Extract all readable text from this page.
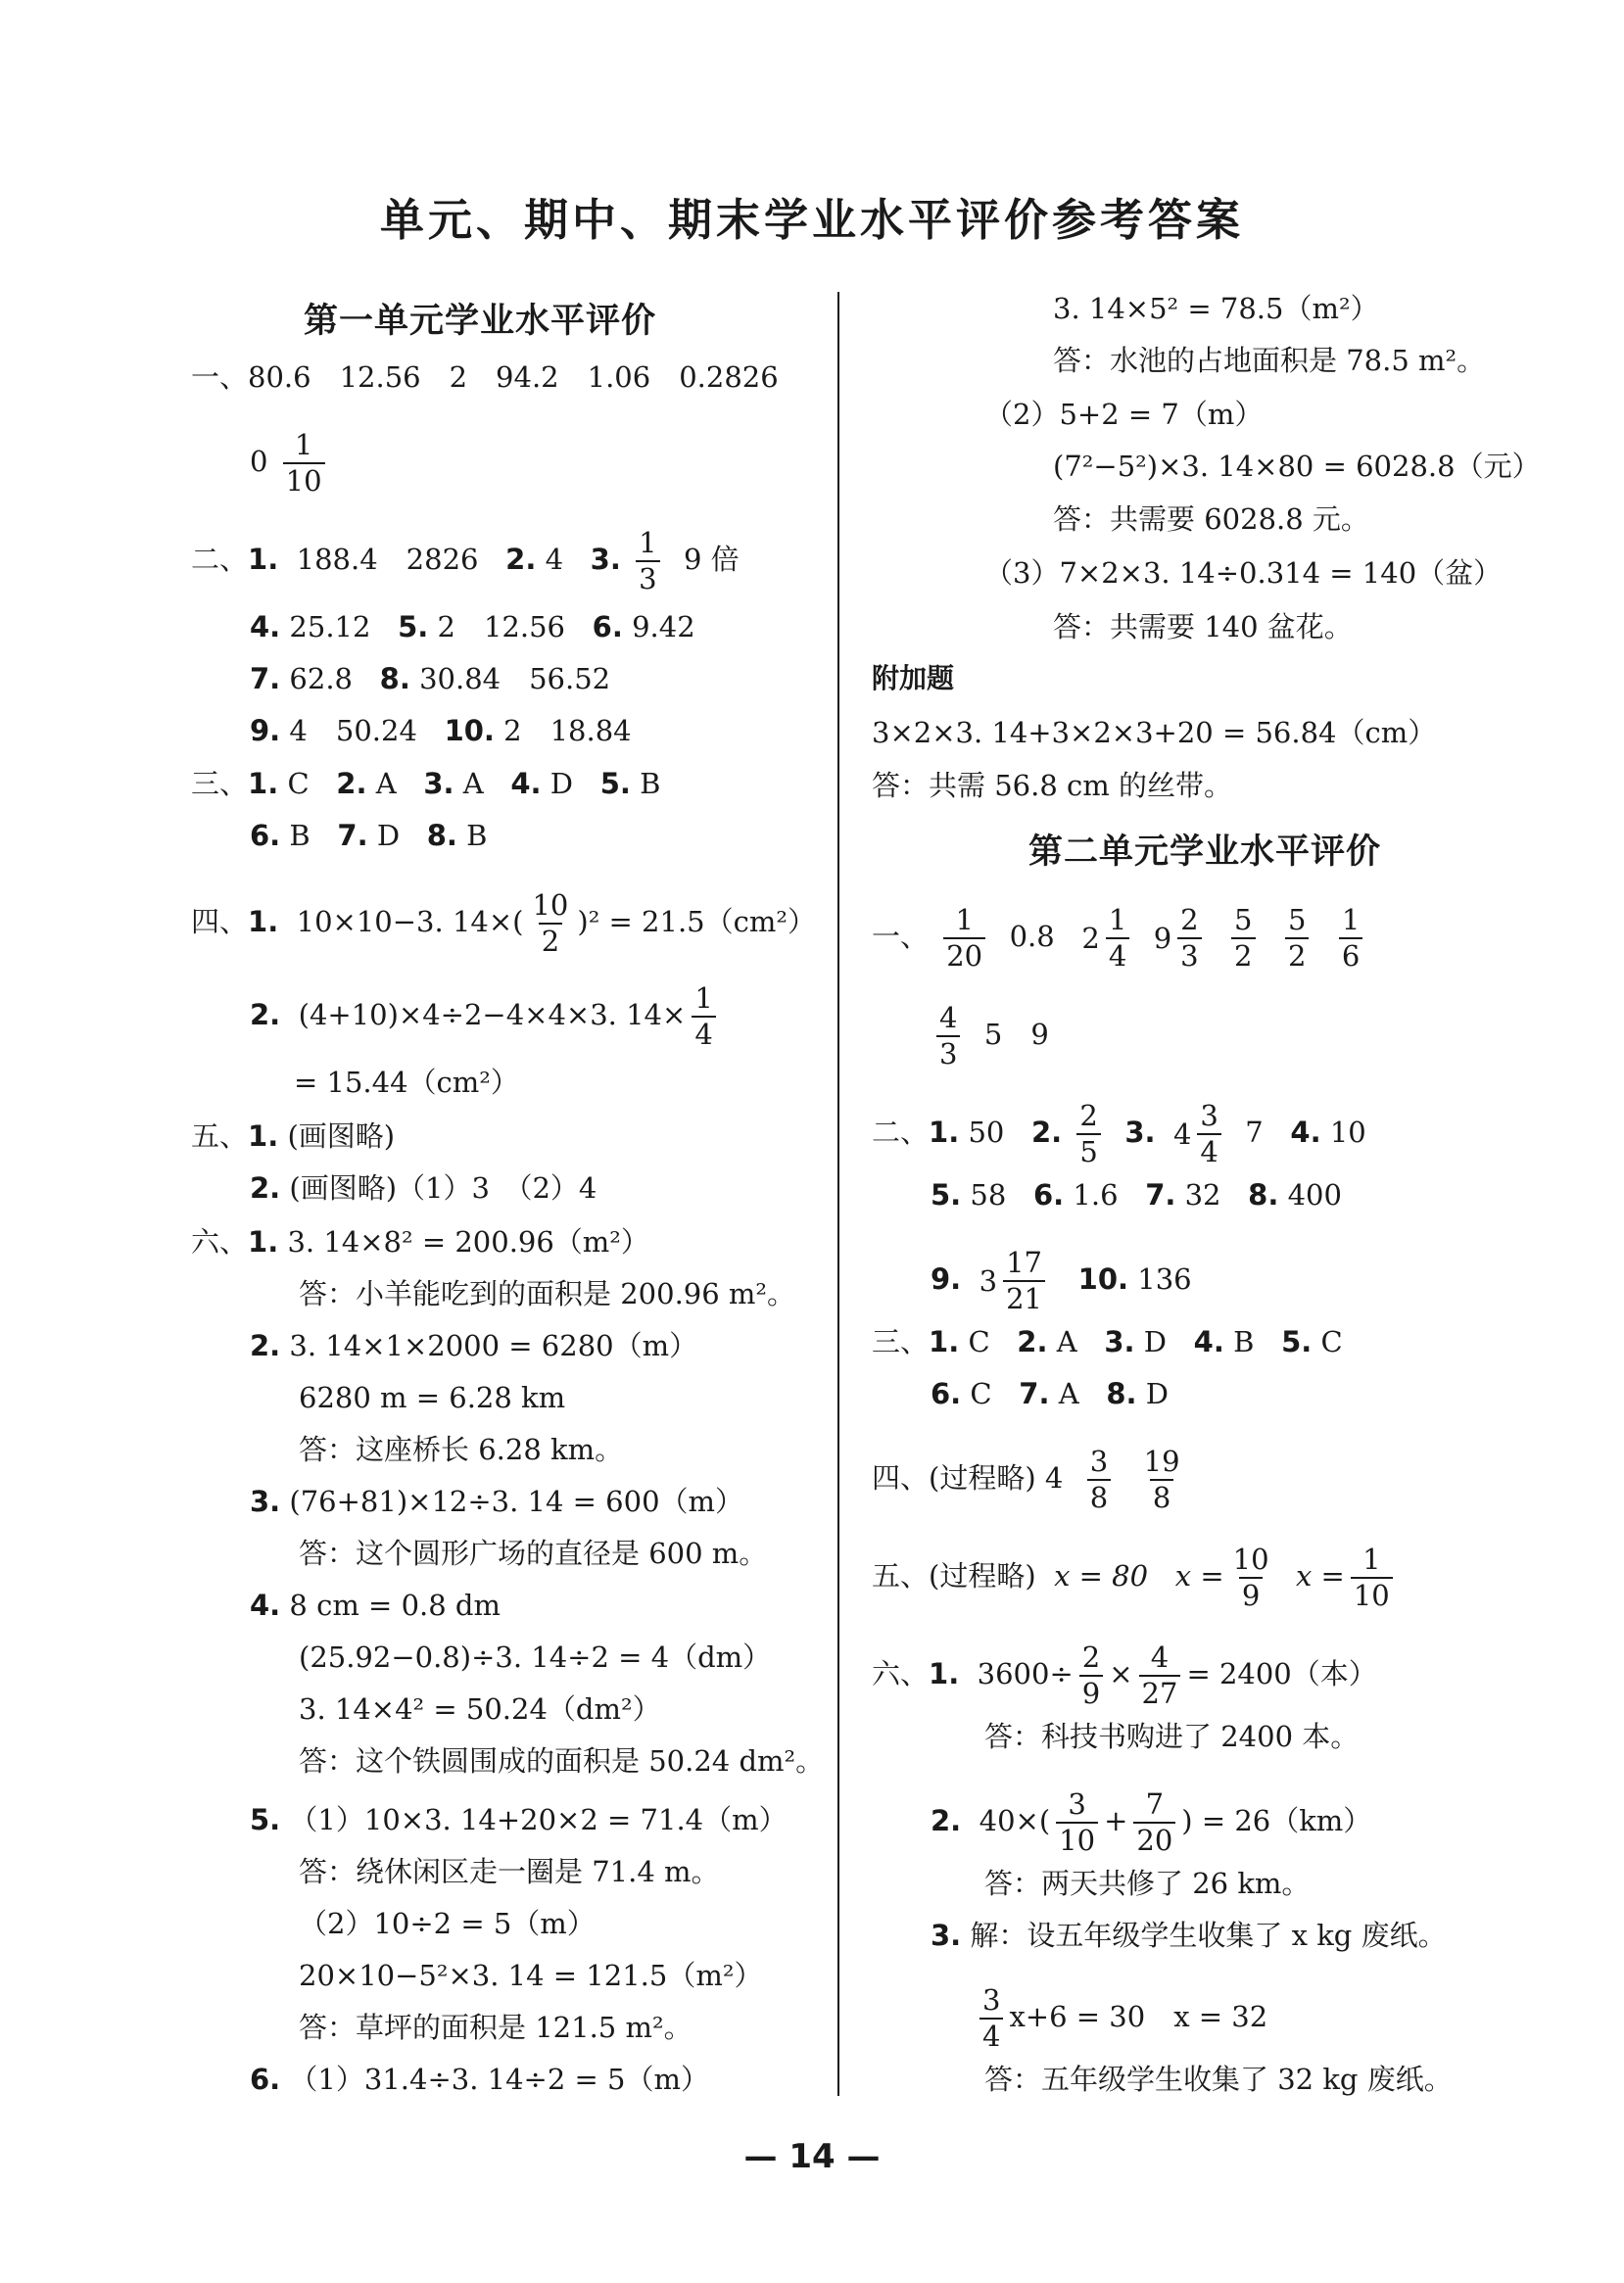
单元、期中、期末学业水平评价参考答案
第一单元学业水平评价
一、80.6　12.56　2　94.2　1.06　0.2826
$0 \frac{1}{10}$
二、1. 188.4　2826 2. 4 3. $\frac{1}{3} 9$ 倍
4. 25.12 5. 2　12.56 6. 9.42
7. 62.8 8. 30.84　56.52
9. 4　50.24 10. 2　18.84
三、1. C 2. A 3. A 4. D 5. B
6. B 7. D 8. B
四、1. 10×10−3. $14\times( \frac{10}{2} )^2 = 21.5(cm^2)$
2. (4+10)×4÷2−4×4×3. $14\times \frac{1}{4}$
= 15.44（cm²）
五、1. (画图略)
2. (画图略)（1）3　（2）4
六、1. 3. 14×8² = 200.96（m²）
答：小羊能吃到的面积是 200.96 m²。
2. 3. 14×1×2000 = 6280（m）
6280 m = 6.28 km
答：这座桥长 6.28 km。
3. (76+81)×12÷3. 14 = 600（m）
答：这个圆形广场的直径是 600 m。
4. 8 cm = 0.8 dm
(25.92−0.8)÷3. 14÷2 = 4（dm）
3. 14×4² = 50.24（dm²）
答：这个铁圆围成的面积是 50.24 dm²。
5. （1）10×3. 14+20×2 = 71.4（m）
答：绕休闲区走一圈是 71.4 m。
（2）10÷2 = 5（m）
20×10−5²×3. 14 = 121.5（m²）
答：草坪的面积是 121.5 m²。
6. （1）31.4÷3. 14÷2 = 5（m）
3. 14×5² = 78.5（m²）
答：水池的占地面积是 78.5 m²。
（2）5+2 = 7（m）
(7²−5²)×3. 14×80 = 6028.8（元）
答：共需要 6028.8 元。
（3）7×2×3. 14÷0.314 = 140（盆）
答：共需要 140 盆花。
附加题
3×2×3. 14+3×2×3+20 = 56.84（cm）
答：共需 56.8 cm 的丝带。
第二单元学业水平评价
一、 $\frac{1}{20} 0.8$ $2 \frac{1}{4}$
$9 \frac{2}{3}$
$\frac{5}{2}$
$\frac{5}{2}$
$\frac{1}{6}$
$\frac{4}{3} 5$　9
二、1. 50 2. $\frac{2}{5} 3$. $4 \frac{3}{4} 7$ 4. 10
5. 58 6. 1.6 7. 32 8. 400
9. $3 \frac{17}{21} 10$. 136
三、1. C 2. A 3. D 4. B 5. C
6. C 7. A 8. D
四、(过程略) $4 \frac{3}{8}$
$\frac{19}{8}$
五、(过程略) x = 80 $x = \frac{10}{9}$ $x = \frac{1}{10}$
六、1. $3600\div \frac{2}{9} \times \frac{4}{27} = 2400$（本）
答：科技书购进了 2400 本。
2. $40\times( \frac{3}{10} + \frac{7}{20}$ ) = 26（km）
答：两天共修了 26 km。
3. 解：设五年级学生收集了 x kg 废纸。
$\frac{3}{4} x+6 = 30$　x = 32
答：五年级学生收集了 32 kg 废纸。
— 14 —
